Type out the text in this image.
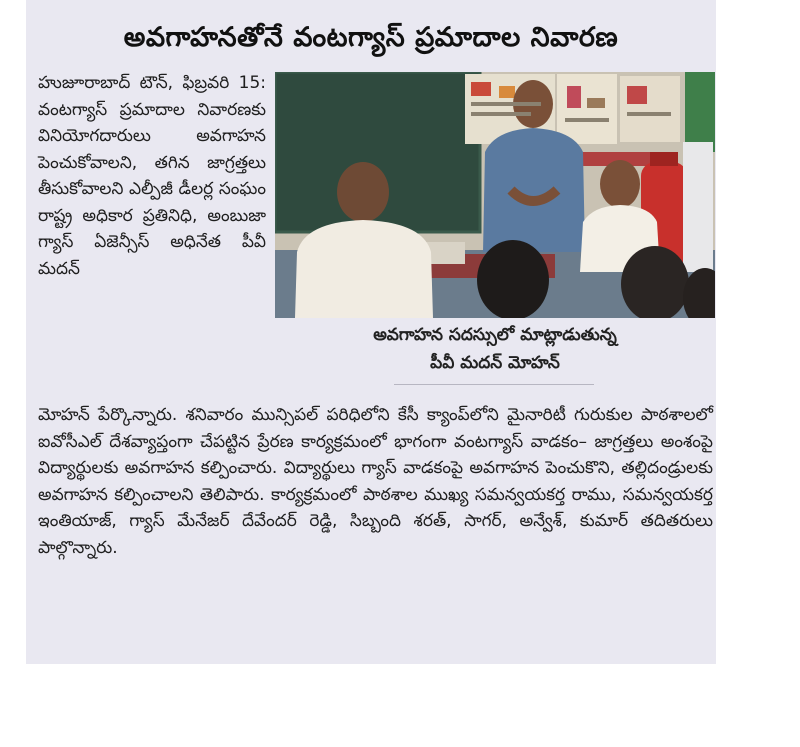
అవగాహనతోనే వంటగ్యాస్ ప్రమాదాల నివారణ
హుజూరాబాద్ టౌన్, ఫిబ్రవరి 15: వంటగ్యాస్ ప్రమాదాల నివారణకు వినియోగదారులు అవగాహన పెంచుకోవాలని, తగిన జాగ్రత్తలు తీసుకోవాలని ఎల్పీజీ డీలర్ల సంఘం రాష్ట్ర అధికార ప్రతినిధి, అంబుజా గ్యాస్ ఏజెన్సీస్ అధినేత పీవీ మదన్
అవగాహన సదస్సులో మాట్లాడుతున్న
పీవీ మదన్ మోహన్
మోహన్ పేర్కొన్నారు. శనివారం మున్సిపల్ పరిధిలోని కేసీ క్యాంప్‌లోని మైనారిటీ గురుకుల పాఠశాలలో ఐవోసీఎల్ దేశవ్యాప్తంగా చేపట్టిన ప్రేరణ కార్యక్రమంలో భాగంగా వంటగ్యాస్ వాడకం– జాగ్రత్తలు అంశంపై విద్యార్థులకు అవగాహన కల్పించారు. విద్యార్థులు గ్యాస్ వాడకంపై అవగాహన పెంచుకొని, తల్లిదండ్రులకు అవగాహన కల్పించాలని తెలిపారు. కార్యక్రమంలో పాఠశాల ముఖ్య సమన్వయకర్త రాము, సమన్వయకర్త ఇంతియాజ్, గ్యాస్ మేనేజర్ దేవేందర్ రెడ్డి, సిబ్బంది శరత్, సాగర్, అన్వేశ్, కుమార్ తదితరులు పాల్గొన్నారు.
